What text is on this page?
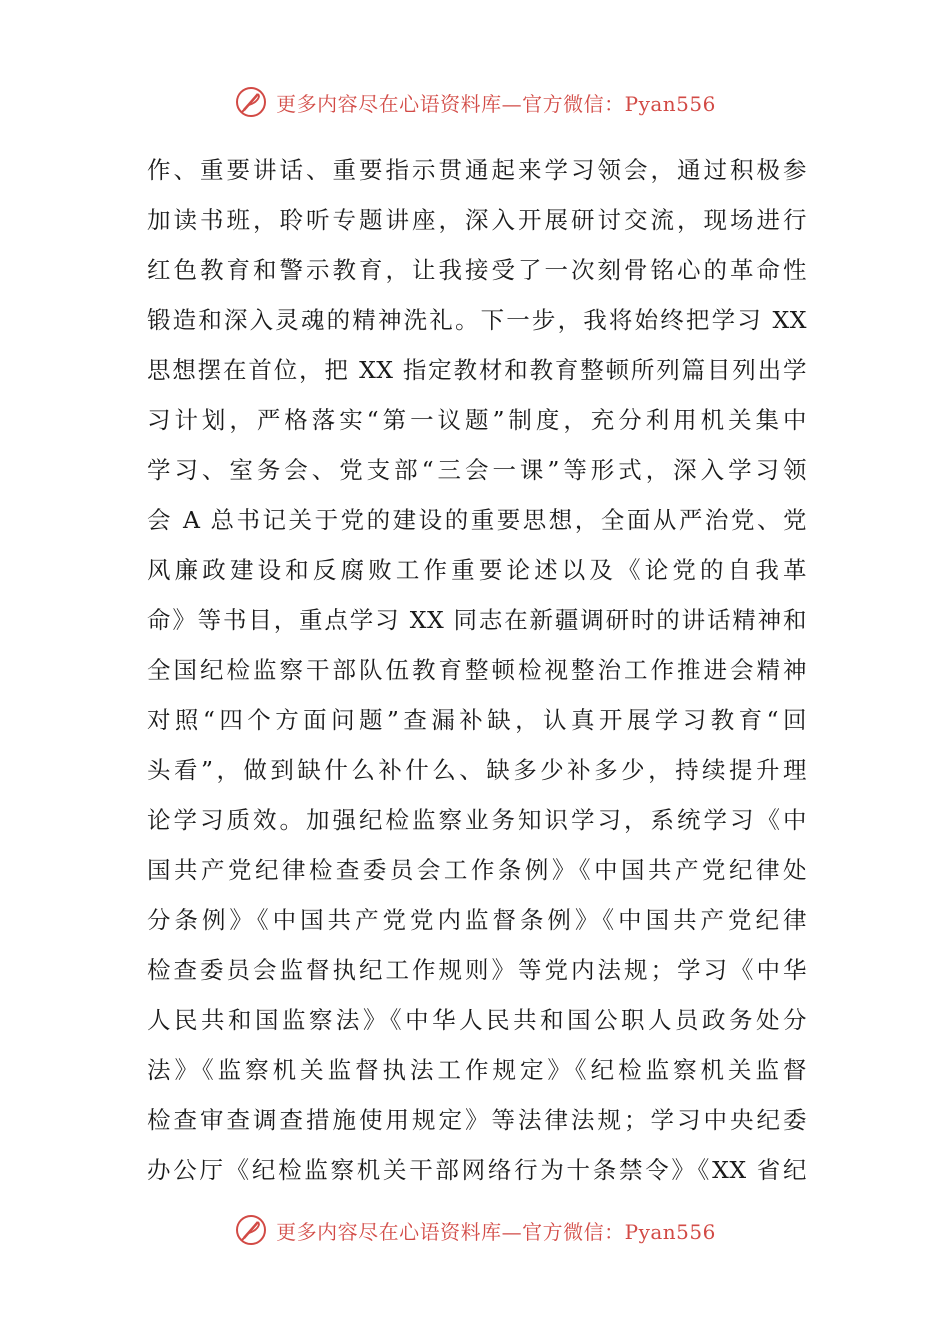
更多内容尽在心语资料库—官方微信：Pyan556
作、重要讲话、重要指示贯通起来学习领会，通过积极参
加读书班，聆听专题讲座，深入开展研讨交流，现场进行
红色教育和警示教育，让我接受了一次刻骨铭心的革命性
锻造和深入灵魂的精神洗礼。下一步，我将始终把学习 XX
思想摆在首位，把 XX 指定教材和教育整顿所列篇目列出学
习计划，严格落实“第一议题”制度，充分利用机关集中
学习、室务会、党支部“三会一课”等形式，深入学习领
会 A 总书记关于党的建设的重要思想，全面从严治党、党
风廉政建设和反腐败工作重要论述以及《论党的自我革
命》等书目，重点学习 XX 同志在新疆调研时的讲话精神和
全国纪检监察干部队伍教育整顿检视整治工作推进会精神
对照“四个方面问题”查漏补缺，认真开展学习教育“回
头看”，做到缺什么补什么、缺多少补多少，持续提升理
论学习质效。加强纪检监察业务知识学习，系统学习《中
国共产党纪律检查委员会工作条例》《中国共产党纪律处
分条例》《中国共产党党内监督条例》《中国共产党纪律
检查委员会监督执纪工作规则》等党内法规；学习《中华
人民共和国监察法》《中华人民共和国公职人员政务处分
法》《监察机关监督执法工作规定》《纪检监察机关监督
检查审查调查措施使用规定》等法律法规；学习中央纪委
办公厅《纪检监察机关干部网络行为十条禁令》《XX 省纪
更多内容尽在心语资料库—官方微信：Pyan556
